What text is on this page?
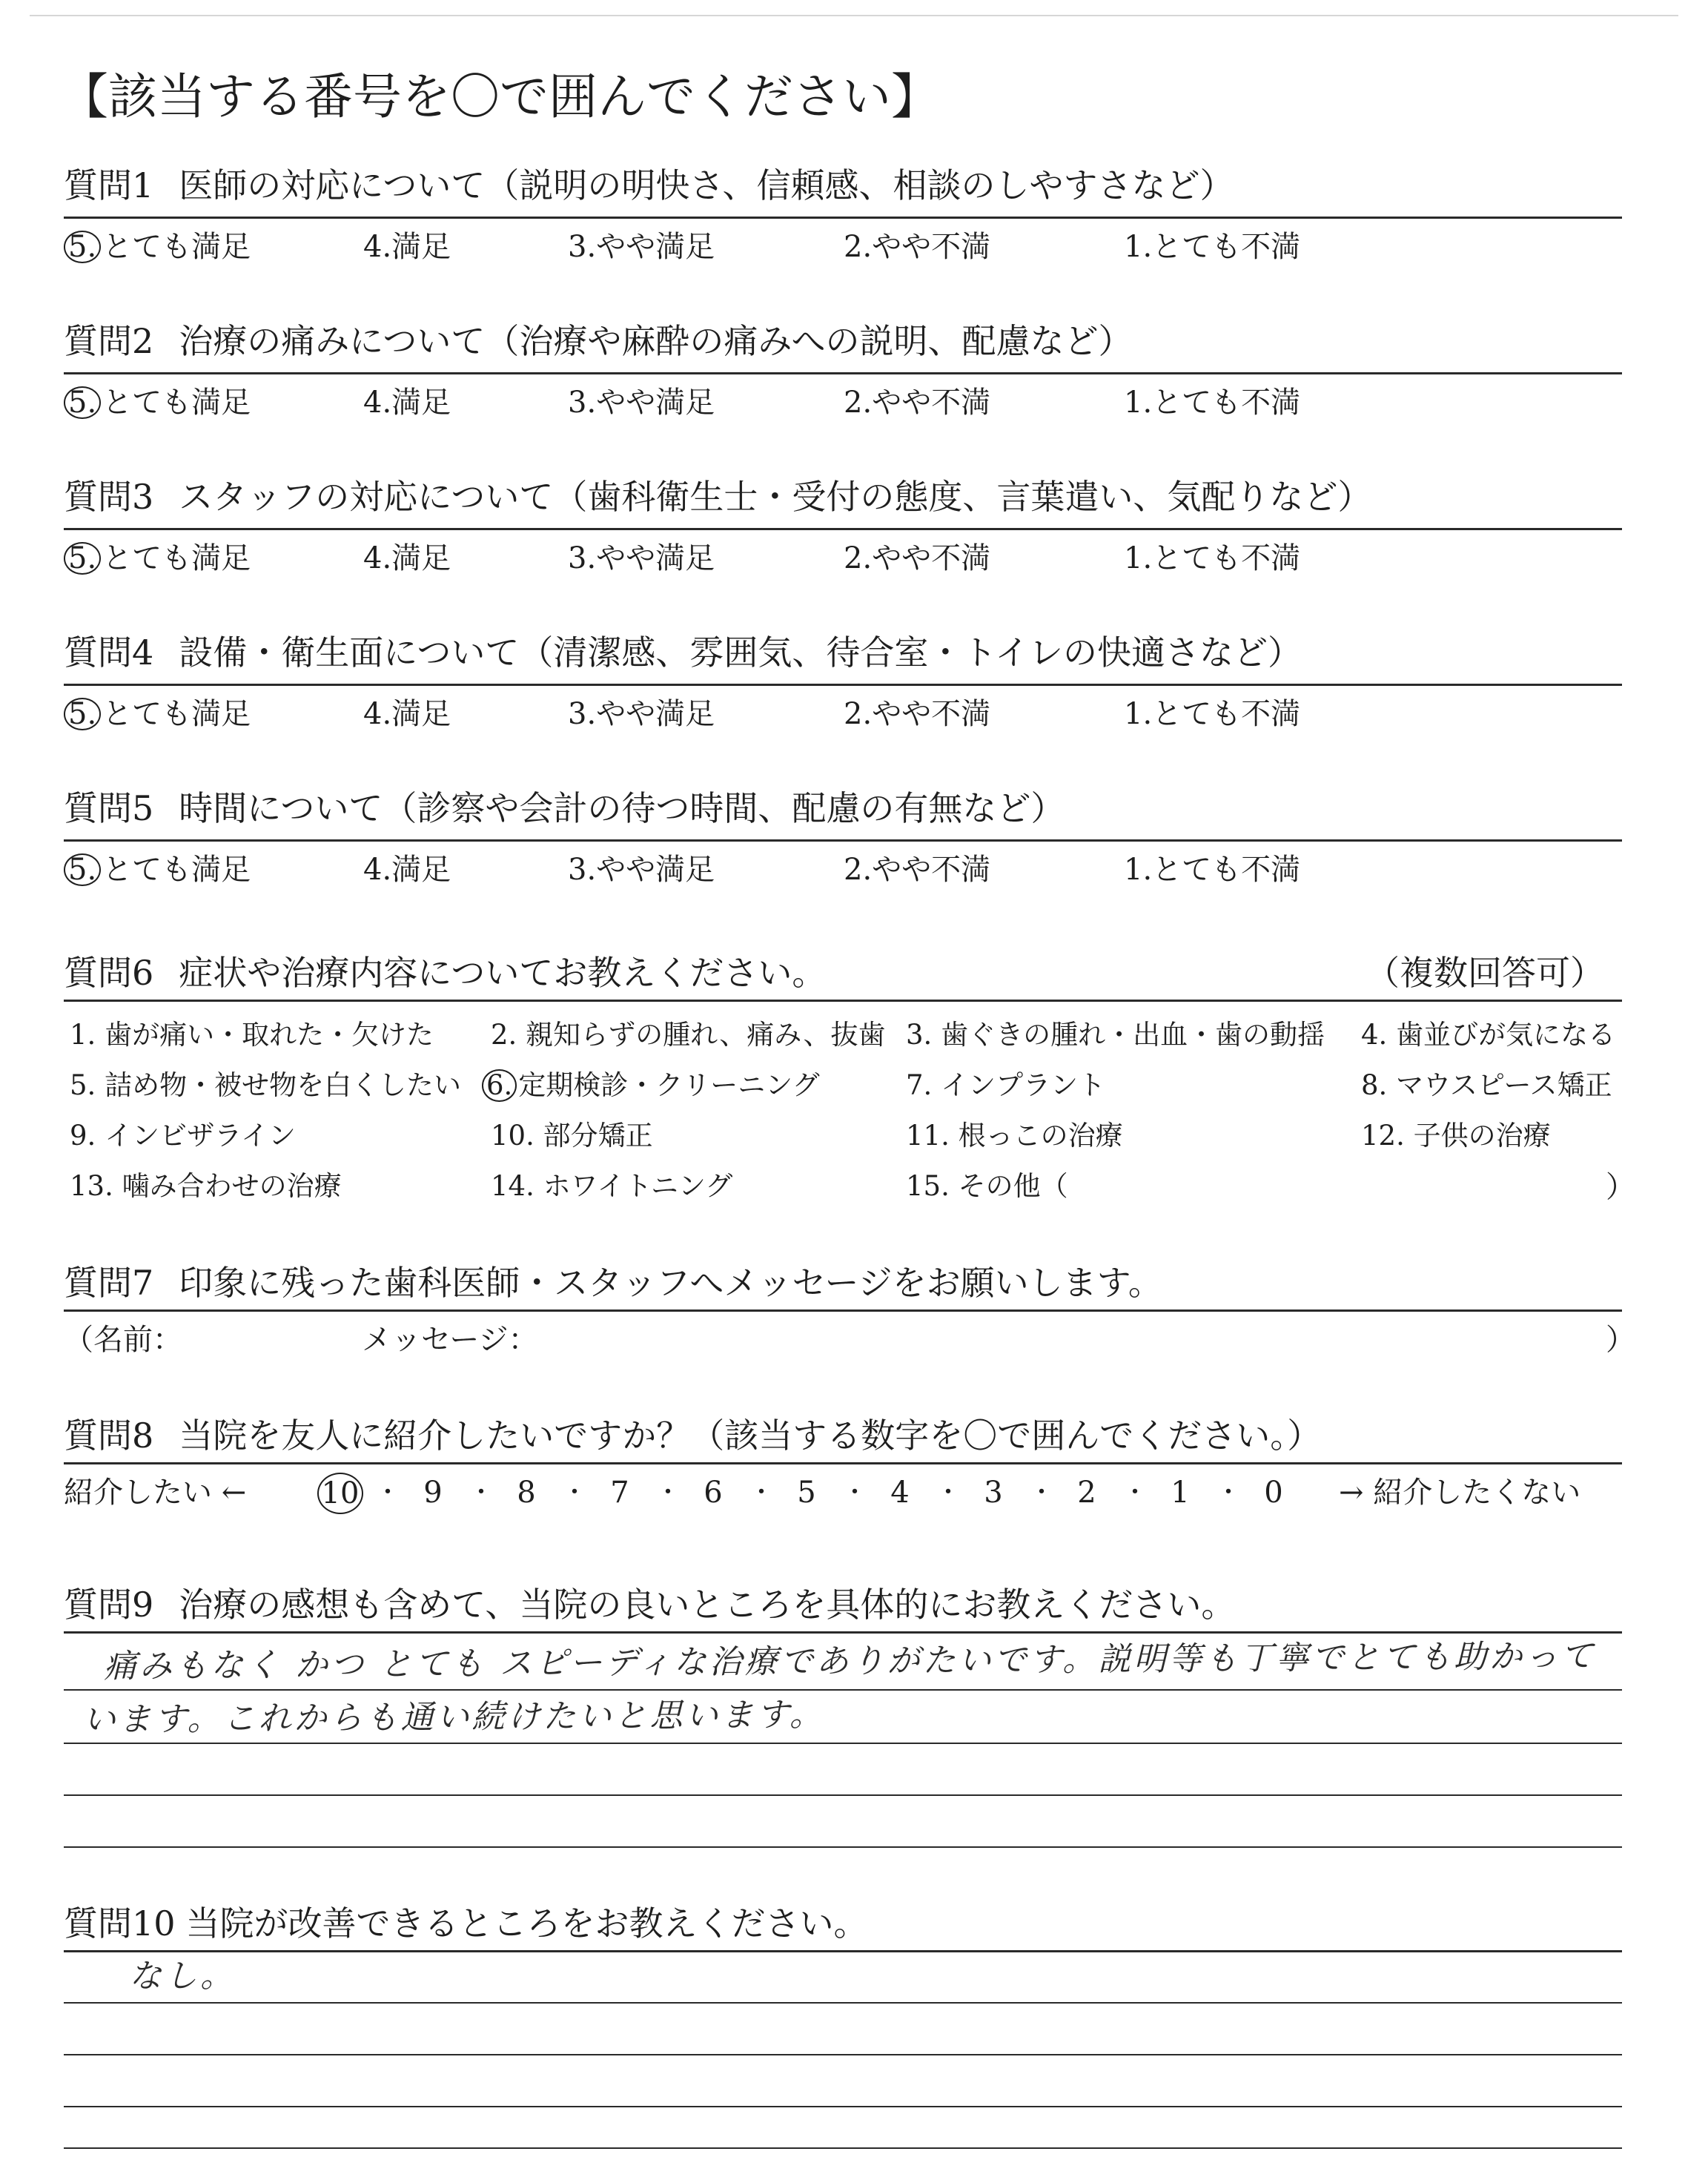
【該当する番号を〇で囲んでください】
質問1 医師の対応について（説明の明快さ、信頼感、相談のしやすさなど）
5. とても満足	4.満足	3.やや満足	2.やや不満	1.とても不満
質問2 治療の痛みについて（治療や麻酔の痛みへの説明、配慮など）
5. とても満足	4.満足	3.やや満足	2.やや不満	1.とても不満
質問3 スタッフの対応について（歯科衛生士・受付の態度、言葉遣い、気配りなど）
5. とても満足	4.満足	3.やや満足	2.やや不満	1.とても不満
質問4 設備・衛生面について（清潔感、雰囲気、待合室・トイレの快適さなど）
5. とても満足	4.満足	3.やや満足	2.やや不満	1.とても不満
質問5 時間について（診察や会計の待つ時間、配慮の有無など）
5. とても満足	4.満足	3.やや満足	2.やや不満	1.とても不満
質問6 症状や治療内容についてお教えください。	（複数回答可）
1. 歯が痛い・取れた・欠けた 2. 親知らずの腫れ、痛み、抜歯 3. 歯ぐきの腫れ・出血・歯の動揺 4. 歯並びが気になる
5. 詰め物・被せ物を白くしたい 6. 定期検診・クリーニング	7. インプラント	8. マウスピース矯正
9. インビザライン	10. 部分矯正	11. 根っこの治療	12. 子供の治療
13. 噛み合わせの治療	14. ホワイトニング	15. その他（	）
質問7 印象に残った歯科医師・スタッフへメッセージをお願いします。
（名前：	メッセージ：	）
質問8 当院を友人に紹介したいですか？（該当する数字を〇で囲んでください。）
紹介したい ←	→ 紹介したくない
10 ・ 9	・ 8	・ 7	・ 6	・ 5	・ 4	・ 3	・ 2	・ 1	・ 0
質問9 治療の感想も含めて、当院の良いところを具体的にお教えください。
痛みもなく かつ とても スピーディな治療でありがたいです。説明等も丁寧でとても助かって
います。これからも通い続けたいと思います。
質問10 当院が改善できるところをお教えください。
なし。
